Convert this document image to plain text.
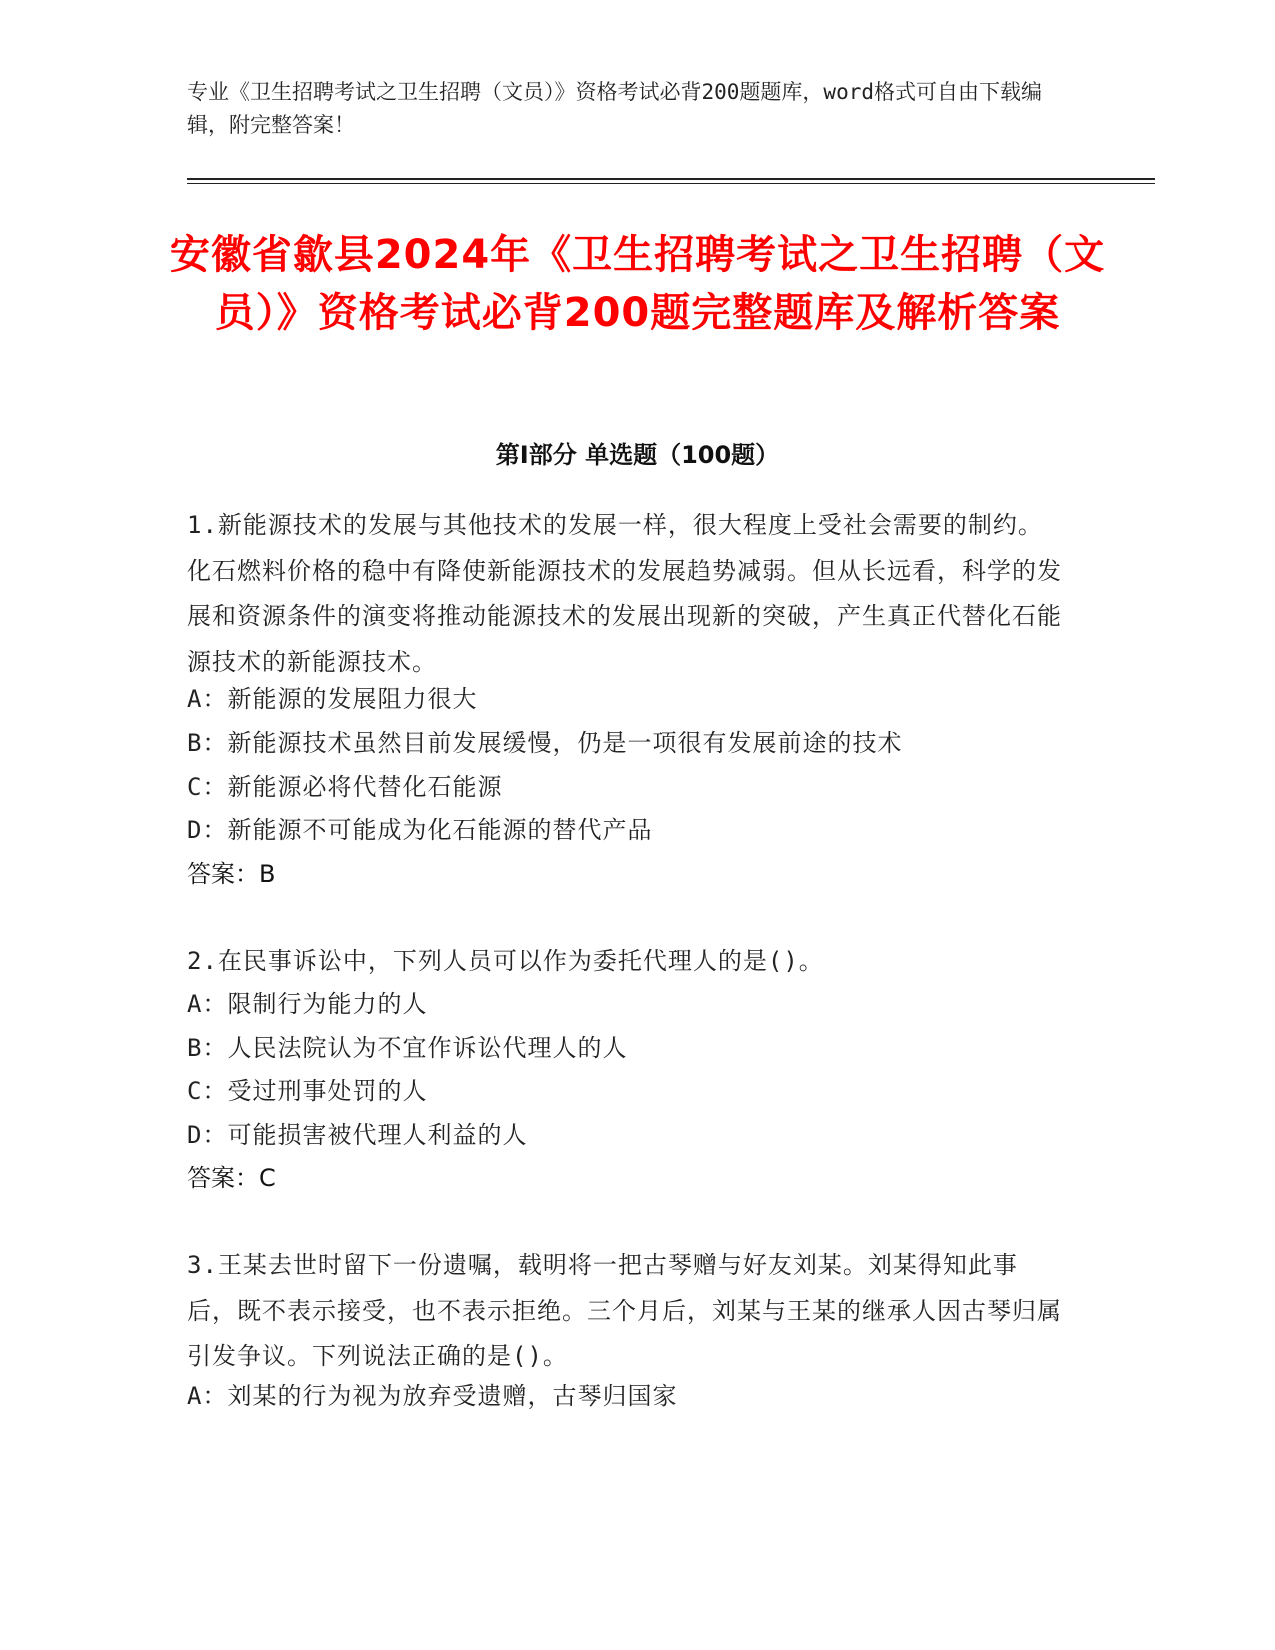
专业《卫生招聘考试之卫生招聘（文员）》资格考试必背200题题库，word格式可自由下载编辑，附完整答案！
安徽省歙县2024年《卫生招聘考试之卫生招聘（文员）》资格考试必背200题完整题库及解析答案
第Ⅰ部分 单选题（100题）
1.新能源技术的发展与其他技术的发展一样，很大程度上受社会需要的制约。化石燃料价格的稳中有降使新能源技术的发展趋势减弱。但从长远看，科学的发展和资源条件的演变将推动能源技术的发展出现新的突破，产生真正代替化石能源技术的新能源技术。
A：新能源的发展阻力很大
B：新能源技术虽然目前发展缓慢，仍是一项很有发展前途的技术
C：新能源必将代替化石能源
D：新能源不可能成为化石能源的替代产品
答案：B
2.在民事诉讼中，下列人员可以作为委托代理人的是()。
A：限制行为能力的人
B：人民法院认为不宜作诉讼代理人的人
C：受过刑事处罚的人
D：可能损害被代理人利益的人
答案：C
3.王某去世时留下一份遗嘱，载明将一把古琴赠与好友刘某。刘某得知此事后，既不表示接受，也不表示拒绝。三个月后，刘某与王某的继承人因古琴归属引发争议。下列说法正确的是()。
A：刘某的行为视为放弃受遗赠，古琴归国家
